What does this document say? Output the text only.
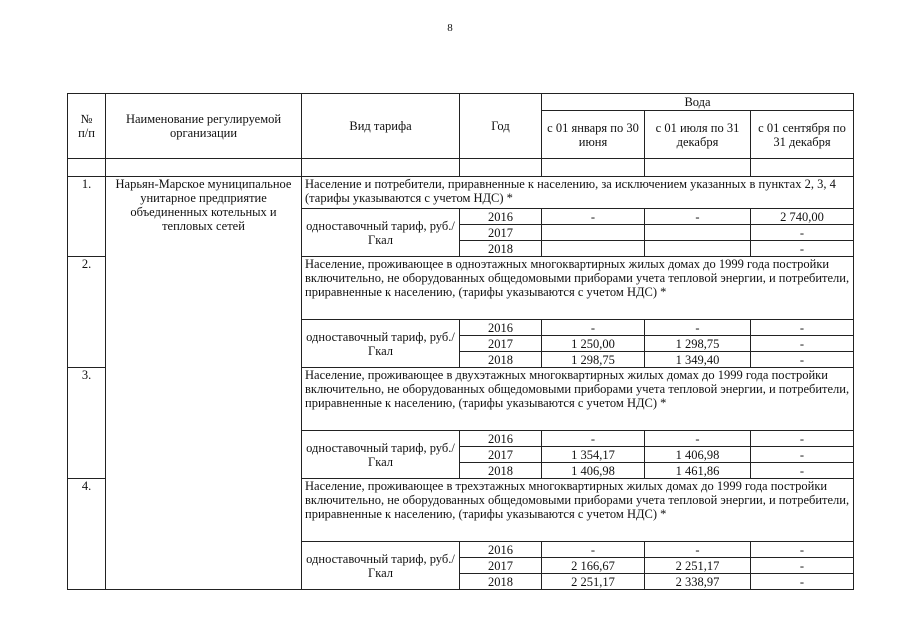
8
№
п/п	Наименование регулируемой организации	Вид тарифа	Год	Вода		
				с 01 января по 30 июня	с 01 июля по 31 декабря	с 01 сентября по 31 декабря

1.	Нарьян-Марское муниципальное унитарное предприятие объединенных котельных и тепловых сетей	Население и потребители, приравненные к населению, за исключением указанных в пунктах 2, 3, 4 (тарифы указываются с учетом НДС) *				
		одноставочный тариф, руб./Гкал	2016	-	-	2 740,00
			2017			-
			2018			-
2.		Население, проживающее в одноэтажных многоквартирных жилых домах до 1999 года постройки включительно, не оборудованных общедомовыми приборами учета тепловой энергии, и потребители, приравненные к населению, (тарифы указываются с учетом НДС) *				
		одноставочный тариф, руб./Гкал	2016	-	-	-
			2017	1 250,00	1 298,75	-
			2018	1 298,75	1 349,40	-
3.		Население, проживающее в двухэтажных многоквартирных жилых домах до 1999 года постройки включительно, не оборудованных общедомовыми приборами учета тепловой энергии, и потребители, приравненные к населению, (тарифы указываются с учетом НДС) *				
		одноставочный тариф, руб./Гкал	2016	-	-	-
			2017	1 354,17	1 406,98	-
			2018	1 406,98	1 461,86	-
4.		Население, проживающее в трехэтажных многоквартирных жилых домах до 1999 года постройки включительно, не оборудованных общедомовыми приборами учета тепловой энергии, и потребители, приравненные к населению, (тарифы указываются с учетом НДС) *				
		одноставочный тариф, руб./Гкал	2016	-	-	-
			2017	2 166,67	2 251,17	-
			2018	2 251,17	2 338,97	-
